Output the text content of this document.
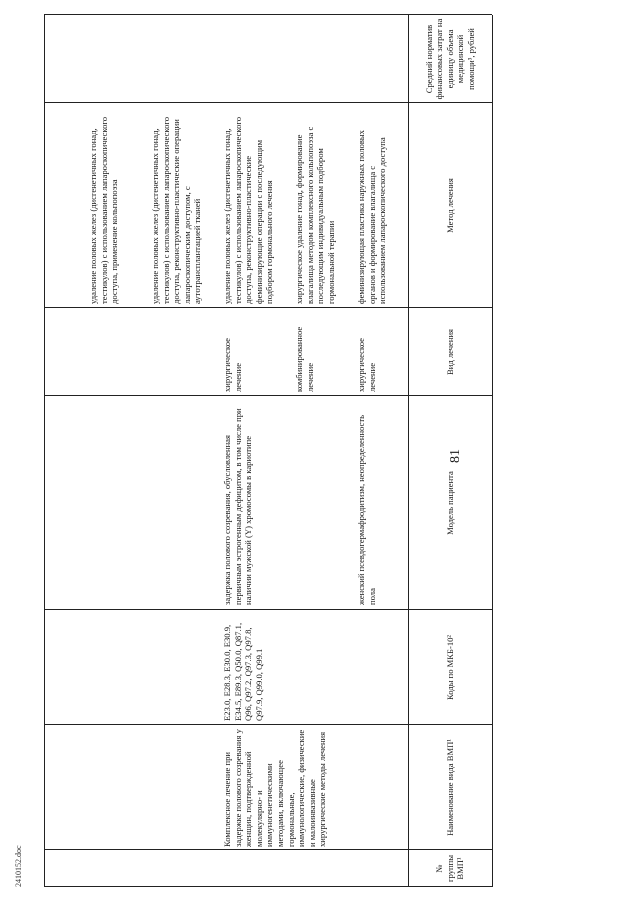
81
№ группы ВМП¹
Наименование вида ВМП¹
Коды по МКБ-10²
Модель пациента
Вид лечения
Метод лечения
Средний норматив финансовых затрат на единицу объема медицинской помощи³, рублей
женский псевдогермафродитизм, неопределенность пола
хирургическое лечение
феминизирующая пластика наружных половых органов и формирование влагалища с использованием лапароскопического доступа
комбинированное лечение
хирургическое удаление гонад, формирование влагалища методом комплексного кольпопоэза с последующим индивидуальным подбором гормональной терапии
Комплексное лечение при задержке полового созревания у женщин, подтвержденной молекулярно- и иммуногенетическими методами, включающее гормональные, иммунологические, физические и малоинвазивные хирургические методы лечения
E23.0, E28.3, E30.0, E30.9, E34.5, E89.3, Q50.0, Q87.1, Q96, Q97.2, Q97.3, Q97.8, Q97.9, Q99.0, Q99.1
задержка полового созревания, обусловленная первичным эстрогенным дефицитом, в том числе при наличии мужской (Y) хромосомы в кариотипе
хирургическое лечение
удаление половых желез (дисгенетичных гонад, тестикулов) с использованием лапароскопического доступа, реконструктивно-пластические феминизирующие операции с последующим подбором гормонального лечения
удаление половых желез (дисгенетичных гонад, тестикулов) с использованием лапароскопического доступа, реконструктивно-пластические операции лапароскопическим доступом, с аутотрансплантацией тканей
удаление половых желез (дисгенетичных гонад, тестикулов) с использованием лапароскопического доступа, применение кольпопоэза
2410152.doc
